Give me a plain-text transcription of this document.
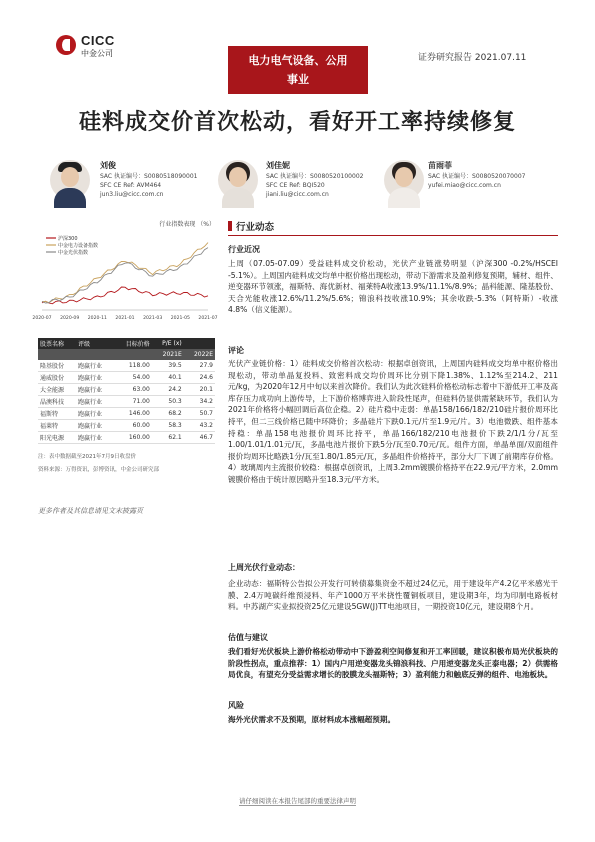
CICC
中金公司
电力电气设备、公用
事业
证券研究报告 2021.07.11
硅料成交价首次松动，看好开工率持续修复
刘俊
SAC 执证编号：S0080518090001
SFC CE Ref: AVM464
jun3.liu@cicc.com.cn
刘佳妮
SAC 执证编号：S0080520100002
SFC CE Ref: BQI520
jiani.liu@cicc.com.cn
苗雨菲
SAC 执证编号：S0080520070007
yufei.miao@cicc.com.cn
行业指数表现 （%）
沪深300
中金电力设备指数
中金光伏指数
2020-07 2020-09 2020-11 2021-01 2021-03 2021-05 2021-07
股票名称	评级	目标价格	P/E (x)	
			2021E	2022E
隆基股份	跑赢行业	118.00	39.5	27.9
通威股份	跑赢行业	54.00	40.1	24.6
大全能源	跑赢行业	63.00	24.2	20.1
晶澳科技	跑赢行业	71.00	50.3	34.2
福斯特	跑赢行业	146.00	68.2	50.7
福莱特	跑赢行业	60.00	58.3	43.2
阳光电源	跑赢行业	160.00	62.1	46.7
注：表中数据截至2021年7月9日收盘价
资料来源：万得资讯，彭博资讯，中金公司研究部
更多作者及其信息请见文末披露页
行业动态
行业近况
上周（07.05-07.09）受益硅料成交价松动，光伏产业链涨势明显（沪深300 -0.2%/HSCEI -5.1%）。上周国内硅料成交均单中枢价格出现松动，带动下游需求及盈利修复预期，辅材、组件、逆变器环节领涨，福斯特、海优新材、福莱特A收涨13.9%/11.1%/8.9%；晶科能源、隆基股份、天合光能收涨12.6%/11.2%/5.6%；锦浪科技收涨10.9%；其余收跌-5.3%（阿特斯）-收涨4.8%（信义能源）。
评论
光伏产业链价格：1）硅料成交价格首次松动：根据卓创资讯，上周国内硅料成交均单中枢价格出现松动，带动单晶复投料、致密料成交均价周环比分别下降1.38%、1.12%至214.2、211元/kg，为2020年12月中旬以来首次降价。我们认为此次硅料价格松动标志着中下游低开工率及高库存压力成功向上游传导，上下游价格博弈进入阶段性尾声，但硅料仍显供需紧缺环节，我们认为2021年价格将小幅回调后高位企稳。2）硅片稳中走弱：单晶158/166/182/210硅片报价周环比持平，但二三线价格已随中环降价；多晶硅片下跌0.1元/片至1.9元/片。3）电池微跌、组件基本持稳：单晶158电池报价周环比持平，单晶166/182/210电池报价下跌2/1/1分/瓦至1.00/1.01/1.01元/瓦，多晶电池片报价下跌5分/瓦至0.70元/瓦。组件方面，单晶单面/双面组件报价均周环比略跌1分/瓦至1.80/1.85元/瓦，多晶组件价格持平，部分大厂下调了前期库存价格。4）玻璃周内主流报价较稳：根据卓创资讯，上周3.2mm镀膜价格持平在22.9元/平方米，2.0mm镀膜价格由于统计原因略升至18.3元/平方米。
上周光伏行业动态：
企业动态：福斯特公告拟公开发行可转债募集资金不超过24亿元，用于建设年产4.2亿平米感光干膜、2.4万吨碳纤维预浸料、年产1000万平米挠性覆铜板项目，建设期3年，均为印制电路板材料。中苏湖产实业拟投资25亿元建设5GW(J)TT电池项目，一期投资10亿元，建设期8个月。
估值与建议
我们看好光伏板块上游价格松动带动中下游盈利空间修复和开工率回暖，建议积极布局光伏板块的阶段性拐点，重点推荐：1）国内户用逆变器龙头锦浪科技、户用逆变器龙头正泰电器；2）供需格局优良，有望充分受益需求增长的胶膜龙头福斯特；3）盈利能力和触底反弹的组件、电池板块。
风险
海外光伏需求不及预期，原材料成本涨幅超预期。
请仔细阅读在本报告尾部的重要法律声明
